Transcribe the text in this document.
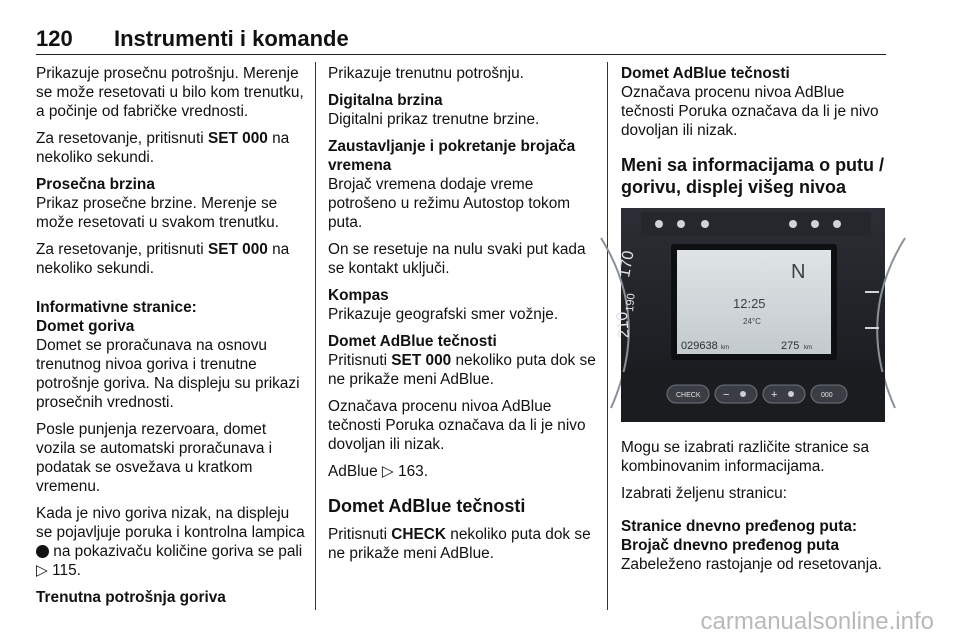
120 Instrumenti i komande

Prikazuje prosečnu potrošnju. Merenje se može resetovati u bilo kom trenutku, a počinje od fabričke vrednosti.

Za resetovanje, pritisnuti SET 000 na nekoliko sekundi.

Prosečna brzina

Prikaz prosečne brzine. Merenje se može resetovati u svakom trenutku.

Za resetovanje, pritisnuti SET 000 na nekoliko sekundi.

Informativne stranice:

Domet goriva

Domet se proračunava na osnovu trenutnog nivoa goriva i trenutne potrošnje goriva. Na displeju su prikazi prosečnih vrednosti.

Posle punjenja rezervoara, domet vozila se automatski proračunava i podatak se osvežava u kratkom vremenu.

Kada je nivo goriva nizak, na displeju se pojavljuje poruka i kontrolna lampica  na pokazivaču količine goriva se pali ▷ 115.

Trenutna potrošnja goriva

Prikazuje trenutnu potrošnju.

Digitalna brzina

Digitalni prikaz trenutne brzine.

Zaustavljanje i pokretanje brojača vremena

Brojač vremena dodaje vreme potrošeno u režimu Autostop tokom puta.

On se resetuje na nulu svaki put kada se kontakt uključi.

Kompas

Prikazuje geografski smer vožnje.

Domet AdBlue tečnosti

Pritisnuti SET 000 nekoliko puta dok se ne prikaže meni AdBlue.

Označava procenu nivoa AdBlue tečnosti Poruka označava da li je nivo dovoljan ili nizak.

AdBlue ▷ 163.

Domet AdBlue tečnosti

Pritisnuti CHECK nekoliko puta dok se ne prikaže meni AdBlue.

Domet AdBlue tečnosti

Označava procenu nivoa AdBlue tečnosti Poruka označava da li je nivo dovoljan ili nizak.

Meni sa informacijama o putu / gorivu, displej višeg nivoa
170
190
210
N
12:25
24°C
029638 km	275 km
CHECK −	+	000

Mogu se izabrati različite stranice sa kombinovanim informacijama.

Izabrati željenu stranicu:

Stranice dnevno pređenog puta:

Brojač dnevno pređenog puta

Zabeleženo rastojanje od resetovanja.

carmanualsonline.info
